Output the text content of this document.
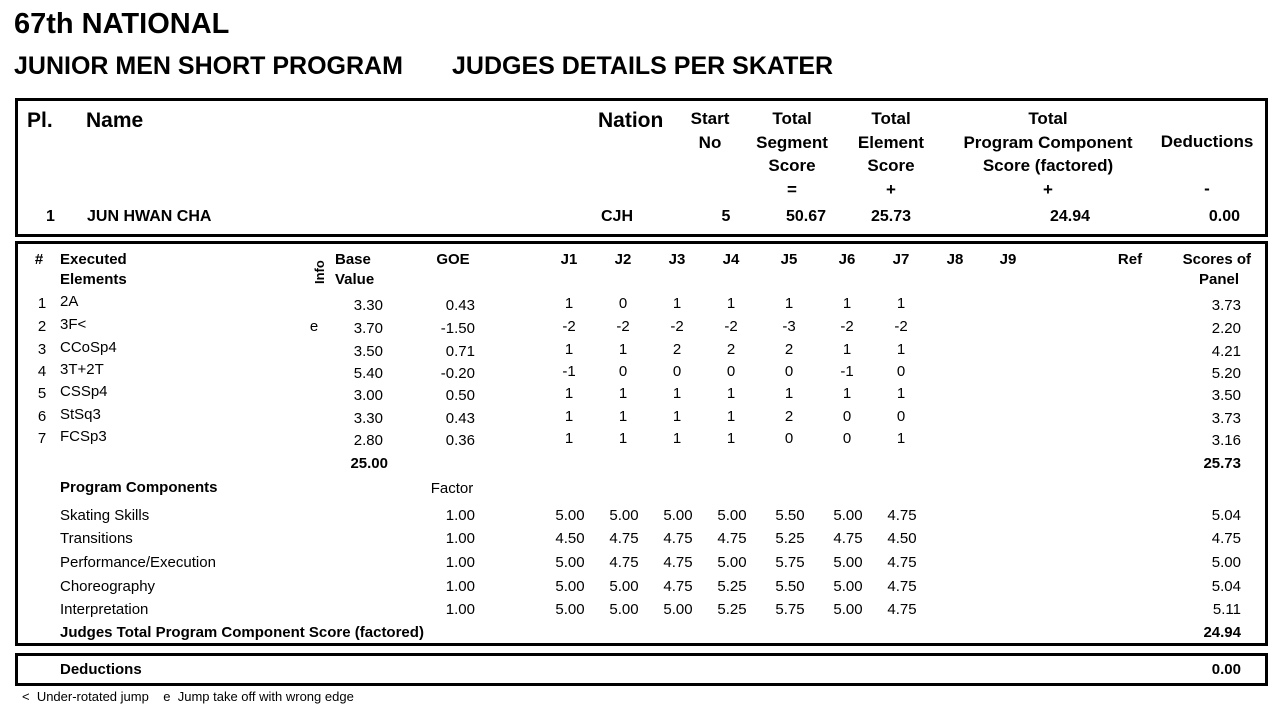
67th NATIONAL
JUNIOR MEN SHORT PROGRAM JUDGES DETAILS PER SKATER
Pl. Name	Nation Start
No
Total
Segment
Score
=
Total
Element
Score
+
Total
Program Component
Score (factored)
+
Deductions
-
1 JUN HWAN CHA	CJH	5	50.67	25.73	24.94	0.00
# Executed
Elements	Info
Base
Value
GOE	J1 J2 J3 J4	J5	J6 J7 J8 J9	Ref	Scores of
Panel
1 2A	3.30	0.43	1	0	1	1	1	1	1	3.73
2 3F<	e 3.70	-1.50	-2	-2	-2	-2	-3	-2	-2	2.20
3 CCoSp4	3.50	0.71	1	1	2	2	2	1	1	4.21
4 3T+2T	5.40	-0.20	-1	0	0	0	0	-1	0	5.20
5 CSSp4	3.00	0.50	1	1	1	1	1	1	1	3.50
6 StSq3	3.30	0.43	1	1	1	1	2	0	0	3.73
7 FCSp3	2.80	0.36	1	1	1	1	0	0	1	3.16
25.00	25.73
Program Components	Factor
Skating Skills	1.00	5.00 5.00 5.00 5.00 5.50 5.00 4.75	5.04
Transitions	1.00	4.50 4.75 4.75 4.75 5.25 4.75 4.50	4.75
Performance/Execution	1.00	5.00 4.75 4.75 5.00 5.75 5.00 4.75	5.00
Choreography	1.00	5.00 5.00 4.75 5.25 5.50 5.00 4.75	5.04
Interpretation	1.00	5.00 5.00 5.00 5.25 5.75 5.00 4.75	5.11
Judges Total Program Component Score (factored)	24.94
Deductions	0.00
<  Under-rotated jump    e  Jump take off with wrong edge
